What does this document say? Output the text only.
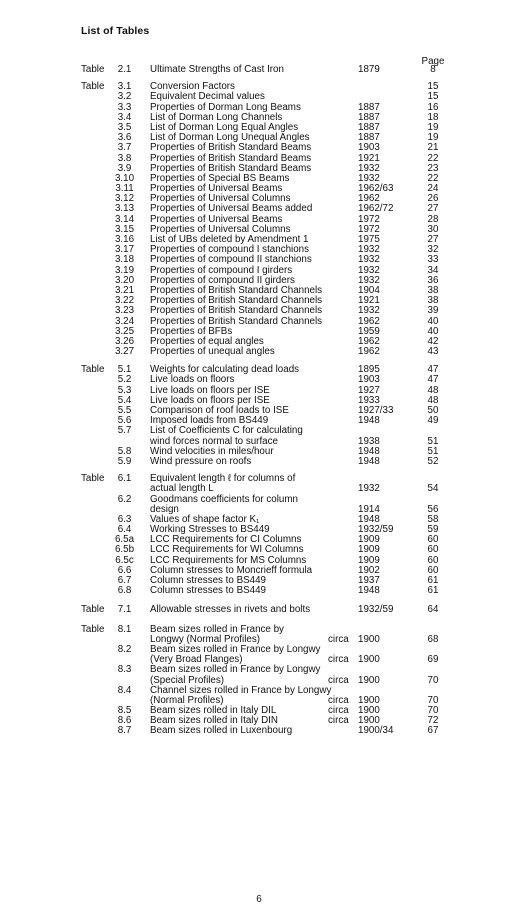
List of Tables
Page
Table	2.1	Ultimate Strengths of Cast Iron	1879	8
Table	3.1	Conversion Factors	15
3.2	Equivalent Decimal values	15
3.3	Properties of Dorman Long Beams	1887	16
3.4	List of Dorman Long Channels	1887	18
3.5	List of Dorman Long Equal Angles	1887	19
3.6	List of Dorman Long Unequal Angles	1887	19
3.7	Properties of British Standard Beams	1903	21
3.8	Properties of British Standard Beams	1921	22
3.9	Properties of British Standard Beams	1932	23
3.10	Properties of Special BS Beams	1932	22
3.11	Properties of Universal Beams	1962/63	24
3.12	Properties of Universal Columns	1962	26
3.13	Properties of Universal Beams added	1962/72	27
3.14	Properties of Universal Beams	1972	28
3.15	Properties of Universal Columns	1972	30
3.16	List of UBs deleted by Amendment 1	1975	27
3.17	Properties of compound I stanchions	1932	32
3.18	Properties of compound II stanchions	1932	33
3.19	Properties of compound I girders	1932	34
3.20	Properties of compound II girders	1932	36
3.21	Properties of British Standard Channels	1904	38
3.22	Properties of British Standard Channels	1921	38
3.23	Properties of British Standard Channels	1932	39
3.24	Properties of British Standard Channels	1962	40
3.25	Properties of BFBs	1959	40
3.26	Properties of equal angles	1962	42
3.27	Properties of unequal angles	1962	43
Table	5.1	Weights for calculating dead loads	1895	47
5.2	Live loads on floors	1903	47
5.3	Live loads on floors per ISE	1927	48
5.4	Live loads on floors per ISE	1933	48
5.5	Comparison of roof loads to ISE	1927/33	50
5.6	Imposed loads from BS449	1948	49
5.7	List of Coefficients C for calculating
wind forces normal to surface	1938	51
5.8	Wind velocities in miles/hour	1948	51
5.9	Wind pressure on roofs	1948	52
Table	6.1	Equivalent length ℓ for columns of
actual length L	1932	54
6.2	Goodmans coefficients for column
design	1914	56
6.3	Values of shape factor K₁	1948	58
6.4	Working Stresses to BS449	1932/59	59
6.5a	LCC Requirements for CI Columns	1909	60
6.5b	LCC Requirements for WI Columns	1909	60
6.5c	LCC Requirements for MS Columns	1909	60
6.6	Column stresses to Moncrieff formula	1902	60
6.7	Column stresses to BS449	1937	61
6.8	Column stresses to BS449	1948	61
Table	7.1	Allowable stresses in rivets and bolts	1932/59	64
Table	8.1	Beam sizes rolled in France by
Longwy (Normal Profiles)	circa 1900	68
8.2	Beam sizes rolled in France by Longwy
(Very Broad Flanges)	circa 1900	69
8.3	Beam sizes rolled in France by Longwy
(Special Profiles)	circa 1900	70
8.4	Channel sizes rolled in France by Longwy
(Normal Profiles)	circa 1900	70
8.5	Beam sizes rolled in Italy DIL	circa 1900	70
8.6	Beam sizes rolled in Italy DIN	circa 1900	72
8.7	Beam sizes rolled in Luxenbourg	1900/34	67
6
